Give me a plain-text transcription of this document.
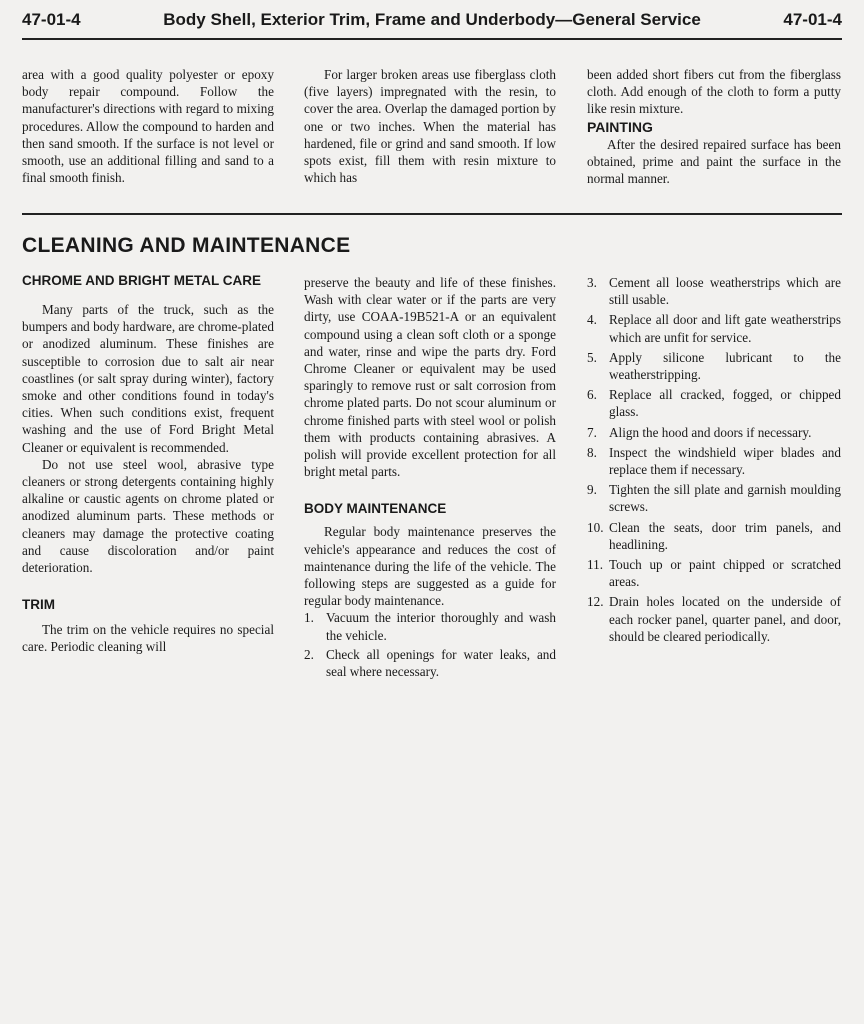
47-01-4	Body Shell, Exterior Trim, Frame and Underbody—General Service	47-01-4

area with a good quality polyester or epoxy body repair compound. Follow the manufacturer's directions with regard to mixing procedures. Allow the compound to harden and then sand smooth. If the surface is not level or smooth, use an additional filling and sand to a final smooth finish.

For larger broken areas use fiberglass cloth (five layers) impregnated with the resin, to cover the area. Overlap the damaged portion by one or two inches. When the material has hardened, file or grind and sand smooth. If low spots exist, fill them with resin mixture to which has

been added short fibers cut from the fiberglass cloth. Add enough of the cloth to form a putty like resin mixture.

PAINTING

After the desired repaired surface has been obtained, prime and paint the surface in the normal manner.

CLEANING AND MAINTENANCE

CHROME AND BRIGHT METAL CARE

Many parts of the truck, such as the bumpers and body hardware, are chrome-plated or anodized aluminum. These finishes are susceptible to corrosion due to salt air near coastlines (or salt spray during winter), factory smoke and other conditions found in today's cities. When such conditions exist, frequent washing and the use of Ford Bright Metal Cleaner or equivalent is recommended.

Do not use steel wool, abrasive type cleaners or strong detergents containing highly alkaline or caustic agents on chrome plated or anodized aluminum parts. These methods or cleaners may damage the protective coating and cause discoloration and/or paint deterioration.

TRIM

The trim on the vehicle requires no special care. Periodic cleaning will

preserve the beauty and life of these finishes. Wash with clear water or if the parts are very dirty, use COAA-19B521-A or an equivalent compound using a clean soft cloth or a sponge and water, rinse and wipe the parts dry. Ford Chrome Cleaner or equivalent may be used sparingly to remove rust or salt corrosion from chrome plated parts. Do not scour aluminum or chrome finished parts with steel wool or polish them with products containing abrasives. A polish will provide excellent protection for all bright metal parts.

BODY MAINTENANCE

Regular body maintenance preserves the vehicle's appearance and reduces the cost of maintenance during the life of the vehicle. The following steps are suggested as a guide for regular body maintenance.

1. Vacuum the interior thoroughly and wash the vehicle.
2. Check all openings for water leaks, and seal where necessary.
3. Cement all loose weatherstrips which are still usable.
4. Replace all door and lift gate weatherstrips which are unfit for service.
5. Apply silicone lubricant to the weatherstripping.
6. Replace all cracked, fogged, or chipped glass.
7. Align the hood and doors if necessary.
8. Inspect the windshield wiper blades and replace them if necessary.
9. Tighten the sill plate and garnish moulding screws.
10. Clean the seats, door trim panels, and headlining.
11. Touch up or paint chipped or scratched areas.
12. Drain holes located on the underside of each rocker panel, quarter panel, and door, should be cleared periodically.
